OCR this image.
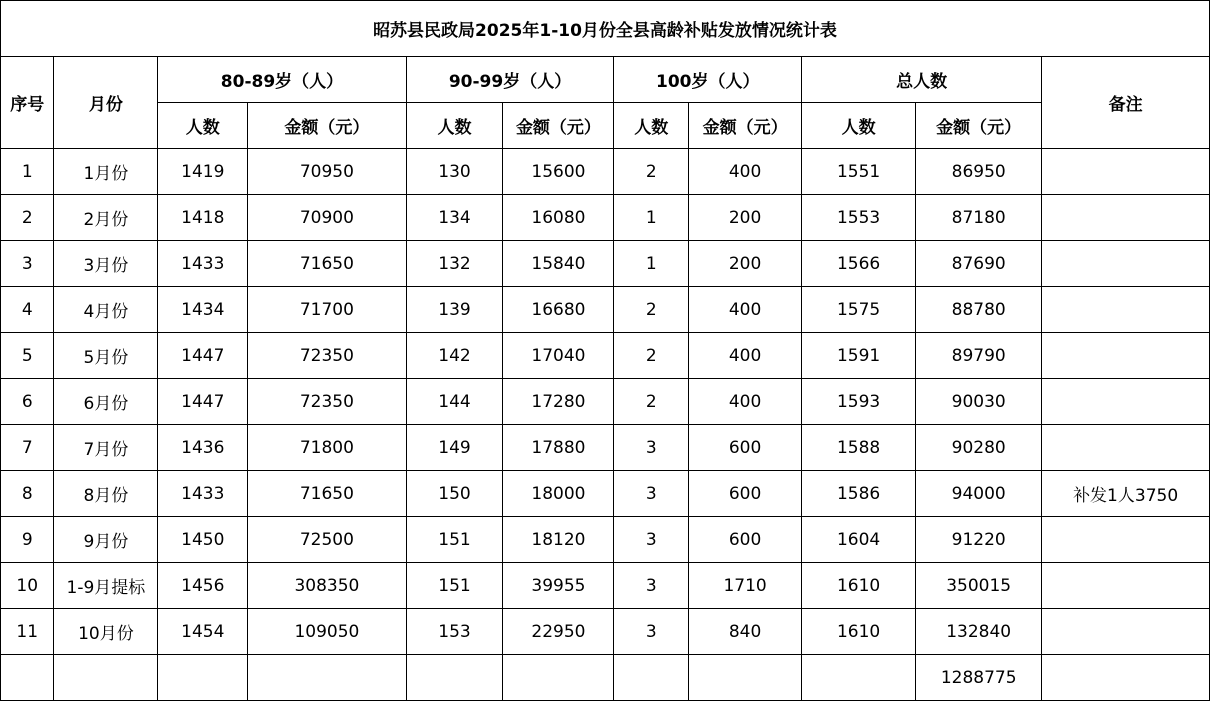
昭苏县民政局2025年1-10月份全县高龄补贴发放情况统计表										
序号	月份	80-89岁（人）		90-99岁（人）		100岁（人）		总人数		备注
		人数	金额（元）	人数	金额（元）	人数	金额（元）	人数	金额（元）	
1	1月份	1419	70950	130	15600	2	400	1551	86950	
2	2月份	1418	70900	134	16080	1	200	1553	87180	
3	3月份	1433	71650	132	15840	1	200	1566	87690	
4	4月份	1434	71700	139	16680	2	400	1575	88780	
5	5月份	1447	72350	142	17040	2	400	1591	89790	
6	6月份	1447	72350	144	17280	2	400	1593	90030	
7	7月份	1436	71800	149	17880	3	600	1588	90280	
8	8月份	1433	71650	150	18000	3	600	1586	94000	补发1人3750
9	9月份	1450	72500	151	18120	3	600	1604	91220	
10	1-9月提标	1456	308350	151	39955	3	1710	1610	350015	
11	10月份	1454	109050	153	22950	3	840	1610	132840	
									1288775	
